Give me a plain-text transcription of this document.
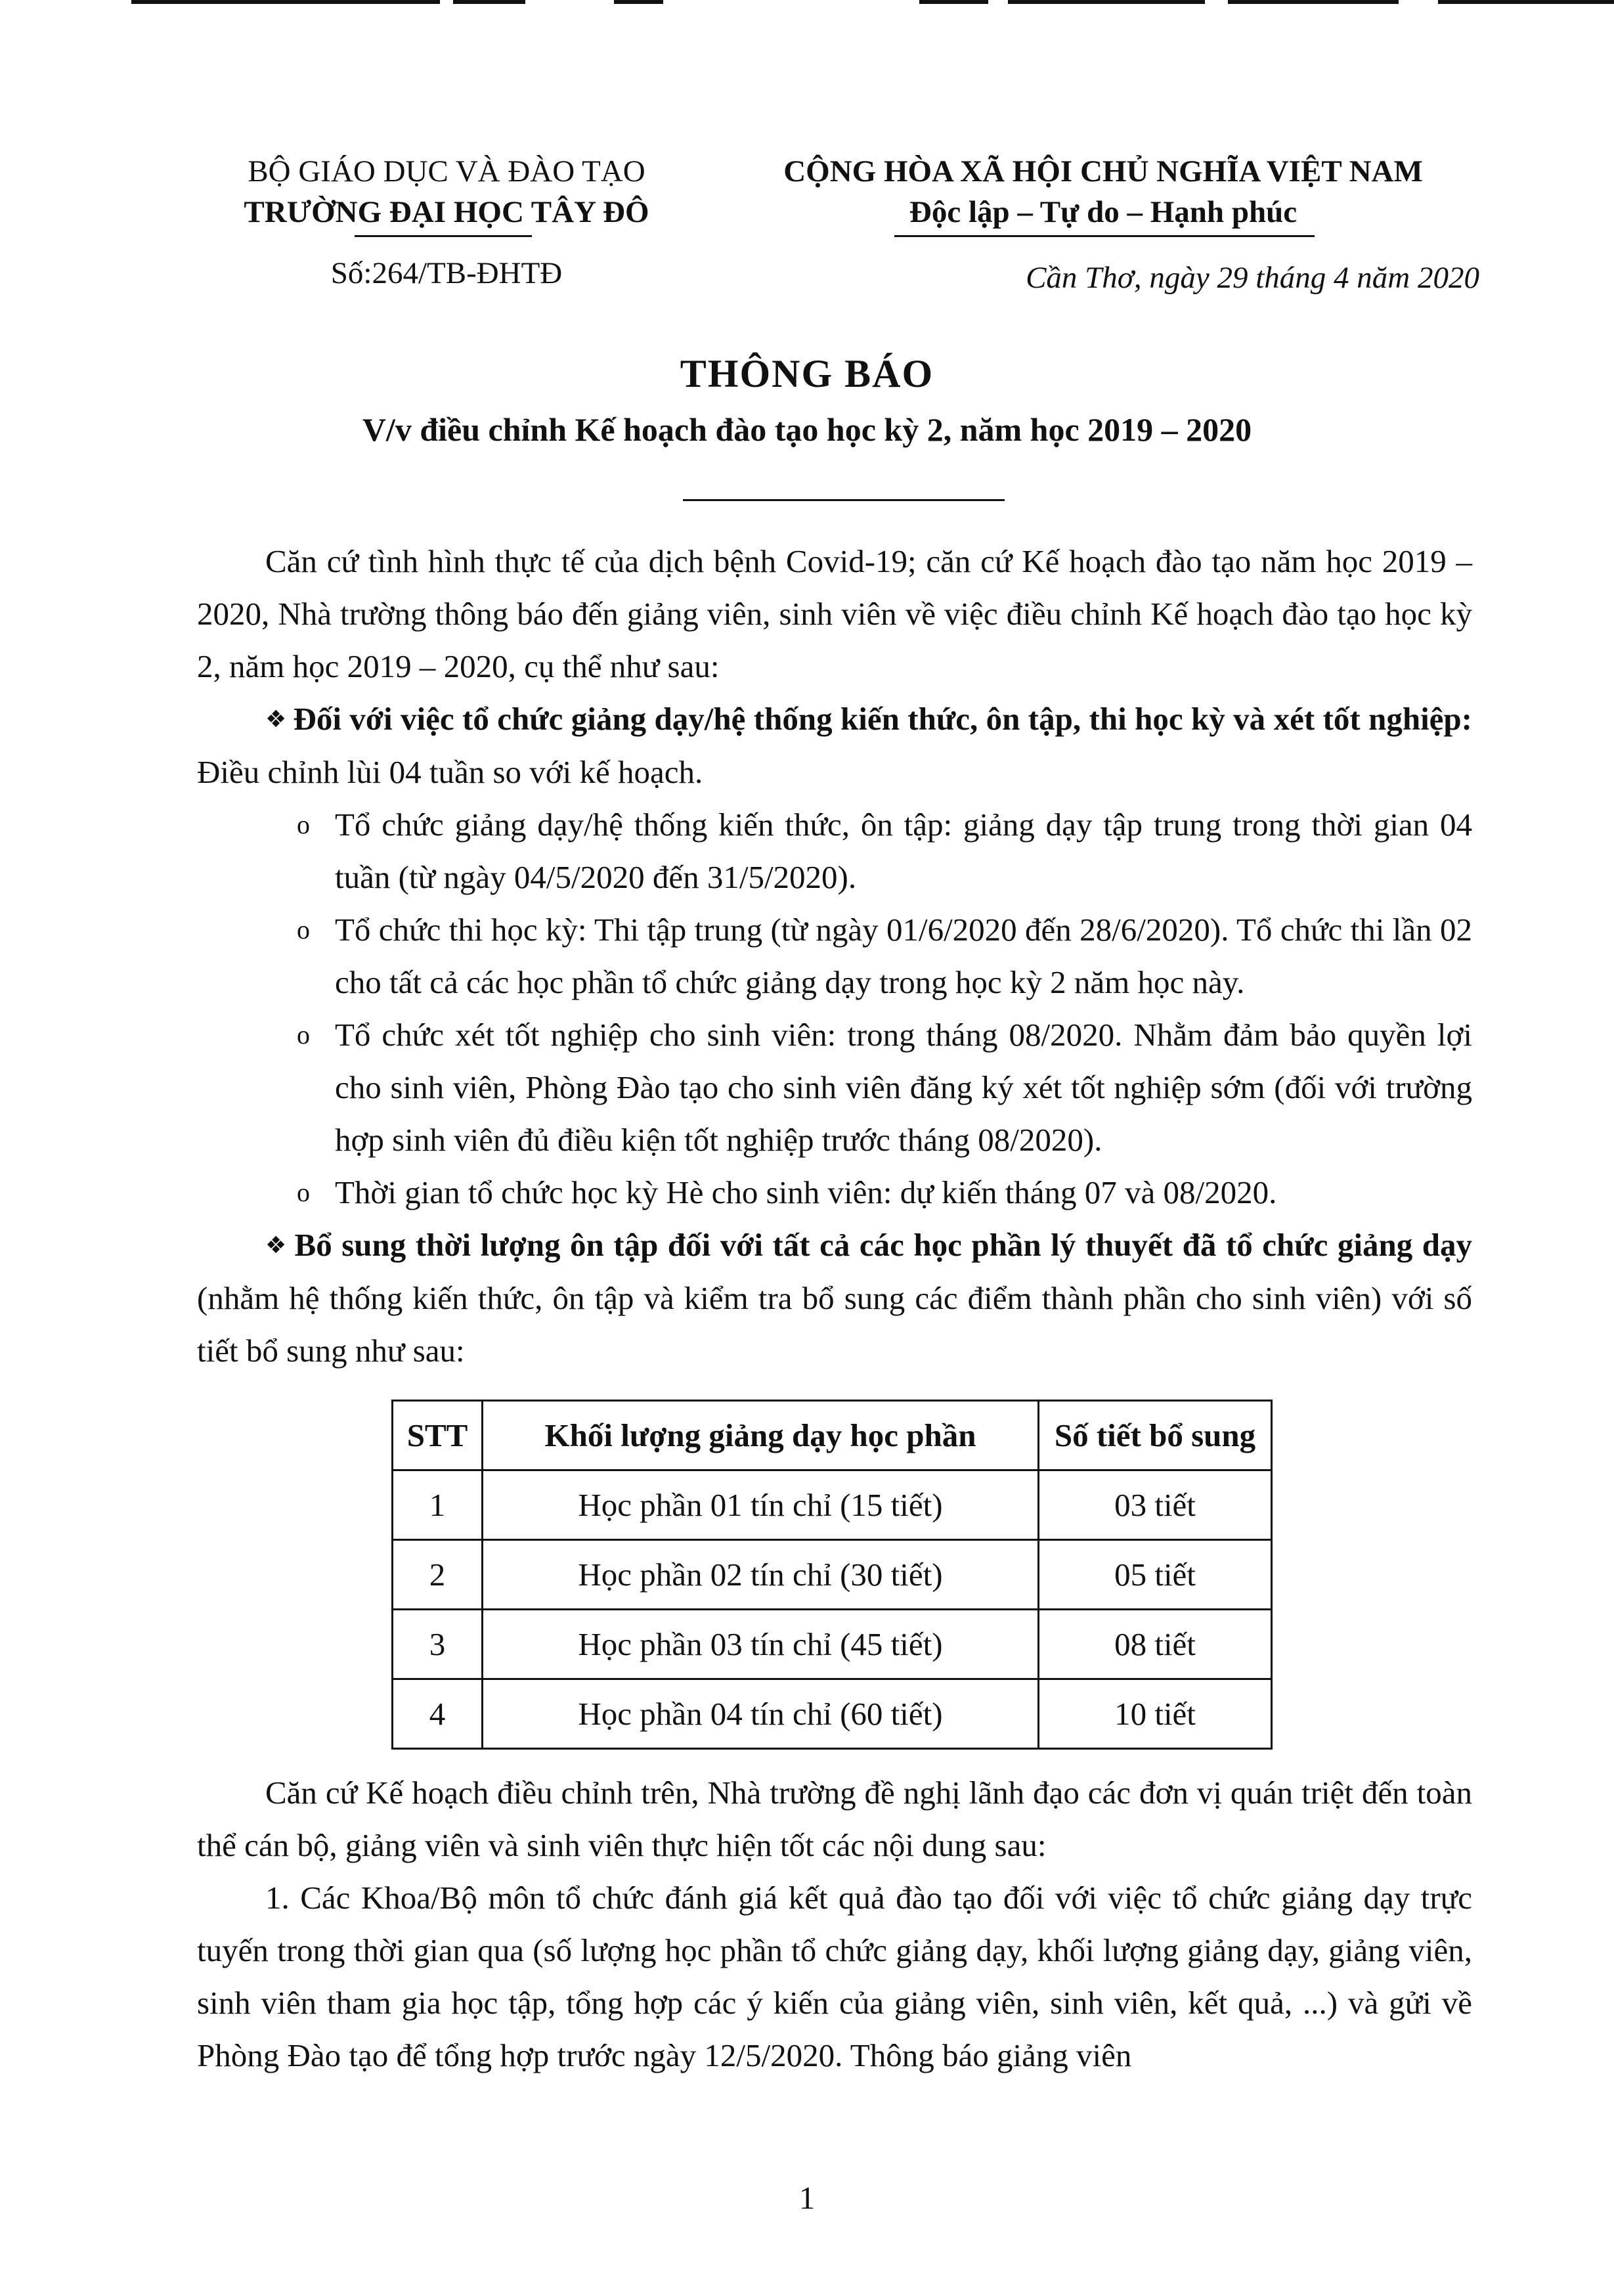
BỘ GIÁO DỤC VÀ ĐÀO TẠO
TRƯỜNG ĐẠI HỌC TÂY ĐÔ
Số:264/TB-ĐHTĐ
CỘNG HÒA XÃ HỘI CHỦ NGHĨA VIỆT NAM
Độc lập – Tự do – Hạnh phúc
Cần Thơ, ngày 29 tháng 4 năm 2020
THÔNG BÁO
V/v điều chỉnh Kế hoạch đào tạo học kỳ 2, năm học 2019 – 2020

Căn cứ tình hình thực tế của dịch bệnh Covid-19; căn cứ Kế hoạch đào tạo năm học 2019 – 2020, Nhà trường thông báo đến giảng viên, sinh viên về việc điều chỉnh Kế hoạch đào tạo học kỳ 2, năm học 2019 – 2020, cụ thể như sau:

❖ Đối với việc tổ chức giảng dạy/hệ thống kiến thức, ôn tập, thi học kỳ và xét tốt nghiệp: Điều chỉnh lùi 04 tuần so với kế hoạch.

o Tổ chức giảng dạy/hệ thống kiến thức, ôn tập: giảng dạy tập trung trong thời gian 04 tuần (từ ngày 04/5/2020 đến 31/5/2020).
o Tổ chức thi học kỳ: Thi tập trung (từ ngày 01/6/2020 đến 28/6/2020). Tổ chức thi lần 02 cho tất cả các học phần tổ chức giảng dạy trong học kỳ 2 năm học này.
o Tổ chức xét tốt nghiệp cho sinh viên: trong tháng 08/2020. Nhằm đảm bảo quyền lợi cho sinh viên, Phòng Đào tạo cho sinh viên đăng ký xét tốt nghiệp sớm (đối với trường hợp sinh viên đủ điều kiện tốt nghiệp trước tháng 08/2020).
o Thời gian tổ chức học kỳ Hè cho sinh viên: dự kiến tháng 07 và 08/2020.

❖ Bổ sung thời lượng ôn tập đối với tất cả các học phần lý thuyết đã tổ chức giảng dạy (nhằm hệ thống kiến thức, ôn tập và kiểm tra bổ sung các điểm thành phần cho sinh viên) với số tiết bổ sung như sau:

STT	Khối lượng giảng dạy học phần	Số tiết bổ sung
1	Học phần 01 tín chỉ (15 tiết)	03 tiết
2	Học phần 02 tín chỉ (30 tiết)	05 tiết
3	Học phần 03 tín chỉ (45 tiết)	08 tiết
4	Học phần 04 tín chỉ (60 tiết)	10 tiết

Căn cứ Kế hoạch điều chỉnh trên, Nhà trường đề nghị lãnh đạo các đơn vị quán triệt đến toàn thể cán bộ, giảng viên và sinh viên thực hiện tốt các nội dung sau:

1. Các Khoa/Bộ môn tổ chức đánh giá kết quả đào tạo đối với việc tổ chức giảng dạy trực tuyến trong thời gian qua (số lượng học phần tổ chức giảng dạy, khối lượng giảng dạy, giảng viên, sinh viên tham gia học tập, tổng hợp các ý kiến của giảng viên, sinh viên, kết quả, ...) và gửi về Phòng Đào tạo để tổng hợp trước ngày 12/5/2020. Thông báo giảng viên

1
